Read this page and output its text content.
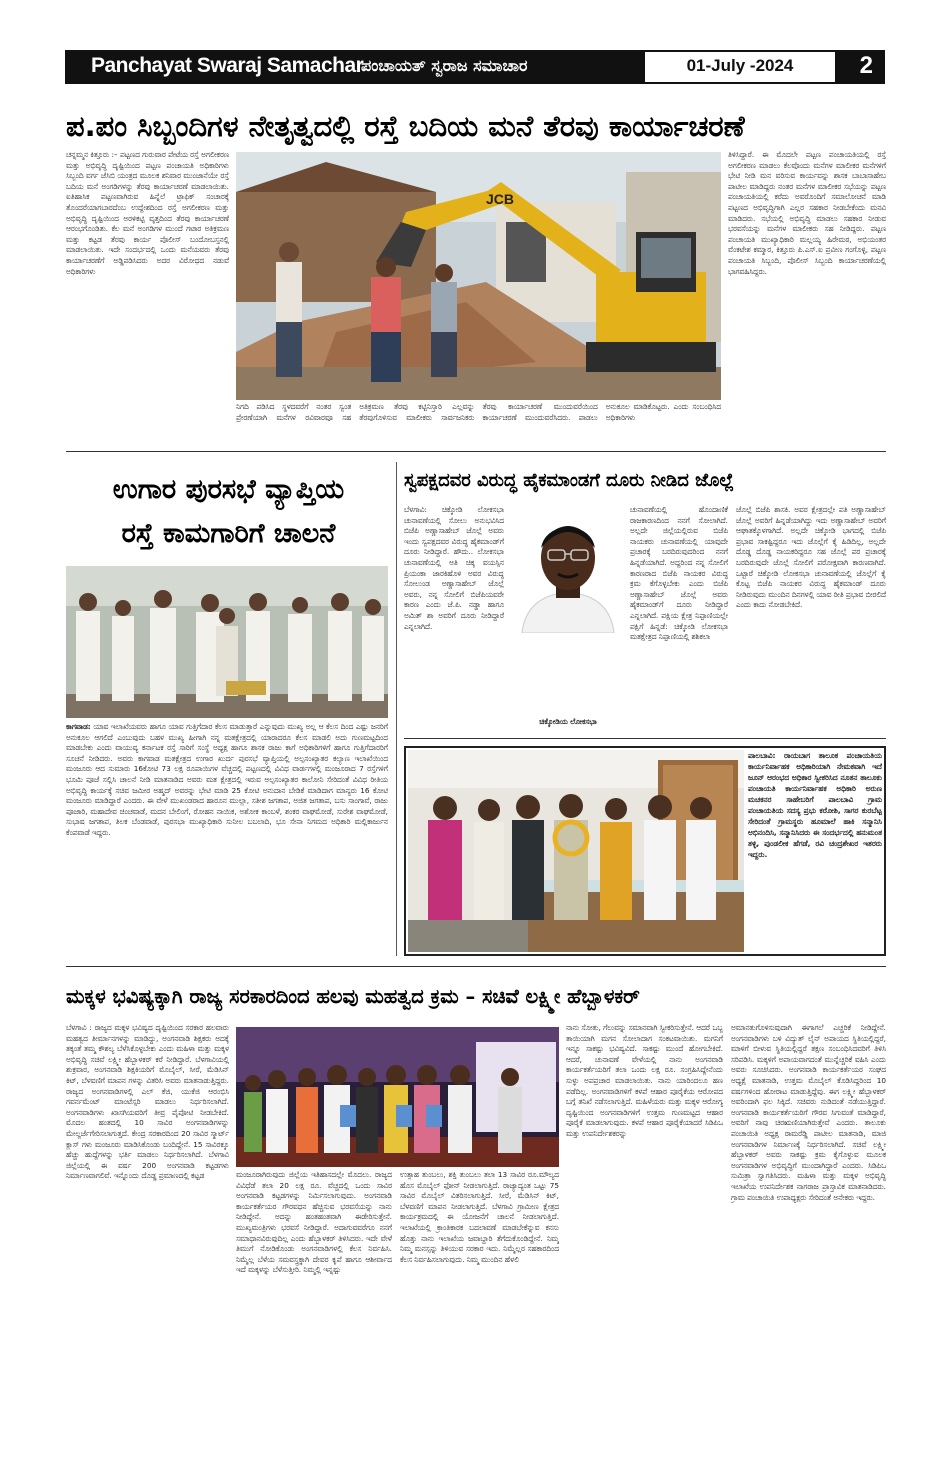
Panchayat Swaraj Samachar
ಪಂಚಾಯತ್ ಸ್ವರಾಜ ಸಮಾಚಾರ	01-July -2024	2
ಪ.ಪಂ ಸಿಬ್ಬಂದಿಗಳ ನೇತೃತ್ವದಲ್ಲಿ ರಸ್ತೆ ಬದಿಯ ಮನೆ ತೆರವು ಕಾರ್ಯಾಚರಣೆ
ಚನ್ನಮ್ಮನ ಕಿತ್ತೂರು :– ಪಟ್ಟಣದ ಗುರುವಾರ ಪೇಟೆಯ ರಸ್ತೆ ಅಗಲೀಕರಣ ಮತ್ತು ಅಭಿವೃದ್ಧಿ ದೃಷ್ಟಿಯಿಂದ ಪಟ್ಟಣ ಪಂಚಾಯತಿ ಅಧಿಕಾರಿಗಳು ಸಿಬ್ಬಂದಿ ವರ್ಗ ಜೆಸಿಬಿ ಯಂತ್ರದ ಮೂಲಕ ಶನಿವಾರ ಮುಂಜಾನೆಯೇ ರಸ್ತೆ ಬದಿಯ ಮನೆ ಅಂಗಡಿಗಳನ್ನು ತೆರವು ಕಾರ್ಯಾಚರಣೆ ಮಾಡಲಾಯಿತು. ಐತಿಹಾಸಿಕ ಪಟ್ಟಣವಾಗಿರುವ ಹಿನ್ನೆಲೆ ಟ್ರಾಫಿಕ್ ಸಂಚಾರಕ್ಕೆ ತೊಂದರೆಯಾಗಬಾರದೆಂಬ ಉದ್ದೇಶದಿಂದ ರಸ್ತೆ ಅಗಲೀಕರಣ ಮತ್ತು ಅಭಿವೃದ್ಧಿ ದೃಷ್ಟಿಯಿಂದ ಅರಳಿಕಟ್ಟಿ ವೃತ್ತದಿಂದ ತೆರವು ಕಾರ್ಯಾಚರಣೆ ಆರಂಭಗೊಂಡಿತು. ಕೆಲ ಮನೆ ಅಂಗಡಿಗಳ ಮುಂದೆ ಗಟಾರ ಅತಿಕ್ರಮಣ ಮತ್ತು ಕಟ್ಟಡ ತೆರವು ಕಾರ್ಯ ಪೊಲೀಸ್ ಬಂದೋಬಸ್ತನಲ್ಲಿ ಮಾಡಲಾಯಿತು. ಇದೇ ಸಂದರ್ಭದಲ್ಲಿ ಒಂದು ಮನೆಯವರು ತೆರವು ಕಾರ್ಯಾಚರಣೆಗೆ ಅಡ್ಡಿಪಡಿಸಿದರು ಅದರ ವಿರೋಧದ ನಡುವೆ ಅಧಿಕಾರಿಗಳು
JCB
ನಿಗದಿ ಪಡಿಸಿದ ಸ್ಥಳದವರೆಗೆ ನಂತರ ಸ್ವಂತ ಪ್ರೇರಣೆಯಾಗಿ ಮನೆಗಳ ರವಿವಾರವೂ ಸಹ ಅತಿಕ್ರಮಣ ತೆರವು ಕಟ್ಟಿನಿಸ್ತಾರಿ ಎಲ್ಲವನ್ನು ತೆರವುಗೊಳಿಸುವ ಮಾಲೀಕರು ಸಾರ್ವಜನಿಕರು ತೆರವು ಕಾರ್ಯಾಚರಣೆ ಮುಂದುವರೆಯಿಂದ ಕಾರ್ಯಾಚರಣೆ ಮುಂದುವರೆಸಿದರು. ಪಾಡಲು ಅನುಕೂಲ ಮಾಡಿಕೊಟ್ಟರು. ಎಂದು ಸಂಬಂಧಿಸಿದ ಅಧಿಕಾರಿಗಳು
ತಿಳಿಸಿದ್ದಾರೆ. ಈ ಮೊದಲೇ ಪಟ್ಟಣ ಪಂಚಾಯತಿಯಲ್ಲಿ ರಸ್ತೆ ಅಗಲೀಕರಣ ಮಾಡಲು ಕೆಲವೊಂದು ಮನೆಗಳ ಮಾಲೀಕರ ಮನೆಗಳಿಗೆ ಭೇಟಿ ನೀಡಿ ಮನ ವರಿಸುವ ಕಾರ್ಯವನ್ನು ಶಾಸಕ ಬಾಬಾಸಾಹೇಬ ಪಾಟೀಲ ಮಾಡಿದ್ದರು ನಂತರ ಮನೆಗಳ ಮಾಲೀಕರ ಸಭೆಯನ್ನು ಪಟ್ಟಣ ಪಂಚಾಯತಿಯಲ್ಲಿ ಕರೆದು ಅವರೊಂದಿಗೆ ಸಮಾಲೋಚನೆ ಮಾಡಿ ಪಟ್ಟಣದ ಅಭಿವೃದ್ಧಿಗಾಗಿ ಎಲ್ಲರ ಸಹಕಾರ ನೀಡಬೇಕೆಂದು ಮನವಿ ಮಾಡಿದರು. ಸಭೆಯಲ್ಲಿ ಅಭಿವೃದ್ಧಿ ಮಾಡಲು ಸಹಕಾರ ನೀಡುವ ಭರವಸೆಯನ್ನು ಮನೆಗಳ ಮಾಲೀಕರು ಸಹ ನೀಡಿದ್ದರು. ಪಟ್ಟಣ ಪಂಚಾಯತಿ ಮುಖ್ಯಾಧಿಕಾರಿ ಮಲ್ಲಯ್ಯ ಹಿರೇಮಠ, ಅಭಿಯಂತರ ವೆಂಕಟೇಶ ಕಮ್ಮಾರ, ಕಿತ್ತೂರು ಪಿ.ಎಸ್.ಐ ಪ್ರವೀಣ ಗಂಗೊಳ್ಳಿ, ಪಟ್ಟಣ ಪಂಚಾಯತಿ ಸಿಬ್ಬಂದಿ, ಪೊಲೀಸ್ ಸಿಬ್ಬಂದಿ ಕಾರ್ಯಾಚರಣೆಯಲ್ಲಿ ಭಾಗವಹಿಸಿದ್ದರು.
ಉಗಾರ ಪುರಸಭೆ ವ್ಯಾಪ್ತಿಯ
ರಸ್ತೆ ಕಾಮಗಾರಿಗೆ ಚಾಲನೆ
ಕಾಗವಾಡ: ಯಾವ ಇಲಾಖೆಯವರು ಹಾಗೂ ಯಾವ ಗುತ್ತಿಗೆದಾರ ಕೆಲಸ ಮಾಡುತ್ತಾರೆ ಎನ್ನುವುದು ಮುಖ್ಯ ಅಲ್ಲ ಆ ಕೆಲಸ ದಿಂದ ಎಷ್ಟು ಜನರಿಗೆ ಅನುಕೂಲ ಆಗಲಿದೆ ಎಂಬುವುದು ಬಹಳ ಮುಖ್ಯ ಹೀಗಾಗಿ ನನ್ನ ಮತಕ್ಷೇತ್ರದಲ್ಲಿ ಯಾರಾದರೂ ಕೆಲಸ ಮಾಡಲಿ ಅದು ಗುಣಮಟ್ಟದಿಂದ ಮಾಡಬೇಕು ಎಂದು ವಾಯುವ್ಯ ಕರ್ನಾಟಕ ರಸ್ತೆ ಸಾರಿಗೆ ಸಂಸ್ಥೆ ಅಧ್ಯಕ್ಷ ಹಾಗೂ ಶಾಸಕ ರಾಜು ಕಾಗೆ ಅಧಿಕಾರಿಗಳಿಗೆ ಹಾಗೂ ಗುತ್ತಿಗೆದಾರರಿಗೆ ಸೂಚನೆ ನೀಡಿದರು. ಅವರು ಕಾಗವಾಡ ಮತಕ್ಷೇತ್ರದ ಉಗಾರ ಖುರ್ದ ಪುರಸಭೆ ವ್ಯಾಪ್ತಿಯಲ್ಲಿ ಅಲ್ಪಸಂಖ್ಯಾತರ ಕಲ್ಯಾಣ ಇಲಾಖೆಯಿಂದ ಮಂಜೂರು ಆದ ಸುಮಾರು 16ಕೋಟಿ 73 ಲಕ್ಷ ರೂಪಾಯಿಗಳ ವೆಚ್ಚದಲ್ಲಿ ಪಟ್ಟಣದಲ್ಲಿ ವಿವಿಧ ವಾರ್ಡಗಳಲ್ಲಿ ಮಂಜೂರಾದ 7 ರಸ್ತೆಗಳಿಗೆ ಭೂಮಿ ಪೂಜೆ ಸಲ್ಲಿಸಿ ಚಾಲನೆ ನೀಡಿ ಮಾತನಾಡಿದ ಅವರು ಮತ ಕ್ಷೇತ್ರದಲ್ಲಿ ಇರುವ ಅಲ್ಪಸಂಖ್ಯಾತರ ಕಾಲೋನಿ ಸೇರಿದಂತೆ ವಿವಿಧ ರೀತಿಯ ಅಭಿವೃದ್ಧಿ ಕಾರ್ಯಕ್ಕೆ ಸಚಿವ ಜಮೀರ ಅಹ್ಮದ್ ಅವರನ್ನು ಭೇಟಿ ಮಾಡಿ 25 ಕೋಟಿ ಅನುದಾನ ಬೇಡಿಕೆ ಮಾಡಿದಾಗ ಮಾನ್ಯರು 16 ಕೋಟಿ ಮಂಜೂರು ಮಾಡಿದ್ದಾರೆ ಎಂದರು. ಈ ವೇಳೆ ಮುಖಂಡರಾದ ಹಾರೂನ ಮುಲ್ಲಾ, ಸತೀಶ ಜಗತಾಪ, ಅಜಿತ ಜಗತಾಪ, ಬಸು ಸಾಂಗಾವೆ, ರಾಜು ಪೂಜಾರಿ, ಮಹಾದೇವ ಚಿಂಚವಾಡೆ, ಮದನ ಬೇಲಿಂಗೆ, ರೋಹನ ನಾಯಿಕ, ಅಶೋಕ ಕಾಂಬಳೆ, ಶಂಕರ ವಾಘಮೋಡೆ, ಸುರೇಶ ವಾಘಮೋಡೆ, ಸುಭಾಷ ಜಗತಾಪ, ತಿಲಕ ಬೆಂಡವಾಡೆ, ಪುರಸಭಾ ಮುಖ್ಯಾಧಿಕಾರಿ ಸುನೀಲ ಬಬಲಾದಿ, ಭೂ ಸೇನಾ ನಿಗಮದ ಅಧಿಕಾರಿ ಮಲ್ಲಿಕಾರ್ಜುನ ಕೆಂಪವಾಡೆ ಇದ್ದರು.
ಸ್ವಪಕ್ಷದವರ ವಿರುದ್ಧ ಹೈಕಮಾಂಡಗೆ ದೂರು ನೀಡಿದ ಜೊಲ್ಲೆ
ಬೆಳಗಾವಿ: ಚಿಕ್ಕೋಡಿ ಲೋಕಸಭಾ ಚುನಾವಣೆಯಲ್ಲಿ ಸೋಲು ಅನುಭವಿಸಿದ ಬಿಜೆಪಿ ಅಣ್ಣಾಸಾಹೇಬ್ ಜೊಲ್ಲೆ ಅವರು ಇಂದು ಸ್ವಪಕ್ಷದವರ ವಿರುದ್ಧ ಹೈಕಮಾಂಡ್‌ಗೆ ದೂರು ನೀಡಿದ್ದಾರೆ. ಹೌದು.. ಲೋಕಸಭಾ ಚುನಾವಣೆಯಲ್ಲಿ ಅತಿ ಚಿಕ್ಕ ವಯಸ್ಸಿನ ಪ್ರಿಯಂಕಾ ಜಾರಕಿಹೊಳಿ ಅವರ ವಿರುದ್ಧ ಸೋಲುಂಡ ಅಣ್ಣಾಸಾಹೇಬ್ ಜೊಲ್ಲೆ ಅವರು, ನನ್ನ ಸೋಲಿಗೆ ಬಿಜೆಪಿಯವರೇ ಕಾರಣ ಎಂದು ಜೆ.ಪಿ. ನಡ್ಡಾ ಹಾಗೂ ಅಮಿತ್ ಶಾ ಅವರಿಗೆ ದೂರು ನೀಡಿದ್ದಾರೆ ಎನ್ನಲಾಗಿದೆ.
ಚಿಕ್ಕೋಡಿಯ ಲೋಕಸಭಾ
ಚುನಾವಣೆಯಲ್ಲಿ ಹೊಂದಾಣಿಕೆ ರಾಜಕಾರಣದಿಂದ ನನಗೆ ಸೋಲಾಗಿದೆ. ಅಲ್ಲದೇ ಜಿಲ್ಲೆಯಲ್ಲಿರುವ ಬಿಜೆಪಿ ನಾಯಕರು ಚುನಾವಣೆಯಲ್ಲಿ ಯಾವುದೇ ಪ್ರಚಾರಕ್ಕೆ ಬರದಿರುವುದರಿಂದ ನನಗೆ ಹಿನ್ನಡೆಯಾಗಿದೆ. ಅದ್ದರಿಂದ ನನ್ನ ಸೋಲಿಗೆ ಕಾರಣರಾದ ಬಿಜೆಪಿ ನಾಯಕರ ವಿರುದ್ಧ ಕ್ರಮ ಕೆಗೊಳ್ಳಬೇಕು ಎಂದು ಬಿಜೆಪಿ ಅಣ್ಣಾಸಾಹೇಬ್ ಜೊಲ್ಲೆ ಅವರು ಹೈಕಮಾಂಡ್‌ಗೆ ದೂರು ನೀಡಿದ್ದಾರೆ ಎನ್ನಲಾಗಿದೆ. ಪಕ್ಷಿಯ ಕ್ಷೇತ್ರ ನಿಪ್ಪಾಣಿಯಲ್ಲೇ ಪಕ್ಷಿಗೆ ಹಿನ್ನಡೆ: ಚಿಕ್ಕೋಡಿ ಲೋಕಸಭಾ ಮತಕ್ಷೇತ್ರದ ನಿಪ್ಪಾಣಿಯಲ್ಲಿ ಶಶಿಕಲಾ
ಜೊಲ್ಲೆ ಬಿಜೆಪಿ ಶಾಸಕಿ. ಅವರ ಕ್ಷೇತ್ರದಲ್ಲೇ ಪತಿ ಅಣ್ಣಾಸಾಹೇಬ್ ಜೊಲ್ಲೆ ಅವರಿಗೆ ಹಿನ್ನಡೆಯಾಗಿದ್ದು ಇದು ಅಣ್ಣಾಸಾಹೇಬ್ ಅವರಿಗೆ ಆಘಾತಕ್ಕೊಳಗಾಗಿದೆ. ಅಲ್ಲದೇ ಚಿಕ್ಕೋಡಿ ಭಾಗದಲ್ಲಿ ಬಿಜೆಪಿ ಪ್ರಭಾವ ಸಾಕಷ್ಟಿದ್ದರೂ ಇದು ಜೊಲ್ಲೆಗೆ ಕೈ ಹಿಡಿದಿಲ್ಲ, ಅಲ್ಲದೇ ದೊಡ್ಡ ದೊಡ್ಡ ನಾಯಕರಿದ್ದರೂ ಸಹ ಜೊಲ್ಲೆ ಪರ ಪ್ರಚಾರಕ್ಕೆ ಬರದಿರುವುದೇ ಜೊಲ್ಲೆ ಸೋಲಿಗೆ ಪರೋಕ್ಷವಾಗಿ ಕಾರಣವಾಗಿದೆ. ಒಟ್ಟಾರೆ ಚಿಕ್ಕೋಡಿ ಲೋಕಸಭಾ ಚುನಾವಣೆಯಲ್ಲಿ ಜೊಲ್ಲೆಗೆ ಕೈ ಕೊಟ್ಟ ಬಿಜೆಪಿ ನಾಯಕರ ವಿರುದ್ಧ ಹೈಕಮಾಂಡ್ ದೂರು ನೀಡಿರುವುದು ಮುಂದಿನ ದಿನಗಳಲ್ಲಿ ಯಾವ ರೀತಿ ಪ್ರಭಾವ ಬೀರಲಿದೆ ಎಂದು ಕಾದು ನೋಡಬೇಕಿದೆ.
ಪಾಲಬಾವಿ: ರಾಯಬಾಗ ತಾಲೂಕ ಪಂಚಾಯತಿಯ ಕಾರ್ಯನಿರ್ವಾಹಕ ಅಧಿಕಾರಿಯಾಗಿ ನೇಮಕವಾಗಿ ಇದೆ ಜೂನ್ ಆರಂಭದ ಅಧಿಕಾರ ಸ್ವೀಕರಿಸಿದ ನೂತನ ತಾಲೂಕು ಪಂಚಾಯತಿ ಕಾರ್ಯನಿರ್ವಾಹಕ ಅಧಿಕಾರಿ ಅರುಣ ಮಚಕನರ ಸಾಹೇಬರಿಗೆ ಪಾಲಬಾವಿ ಗ್ರಾಮ ಪಂಚಾಯತಿಯ ಸದಸ್ಯ ಪ್ರಭು ಕರೋಶಿ, ಸಾಗರ ಕುರಬೆಟ್ಟ ಸೇರಿದಂತೆ ಗ್ರಾಮಸ್ಥರು ಹೂಮಾಲೆ ಹಾಕಿ ಸನ್ಮಾನಿಸಿ ಅಭಿನಂದಿಸಿ, ಸನ್ಮಾನಿಸಿದರು ಈ ಸಂದರ್ಭದಲ್ಲಿ ಹನುಮಂತ ತಳ್ಳಿ, ಪುಂಡಲೀಕ ಹೆಗಡೆ, ರವಿ ಚಂದ್ರಶೇಖರ ಇತರರು ಇದ್ದರು.
ಮಕ್ಕಳ ಭವಿಷ್ಯಕ್ಕಾಗಿ ರಾಜ್ಯ ಸರಕಾರದಿಂದ ಹಲವು ಮಹತ್ವದ ಕ್ರಮ – ಸಚಿವೆ ಲಕ್ಷ್ಮೀ ಹೆಬ್ಬಾಳಕರ್
ಬೆಳಗಾವಿ : ರಾಜ್ಯದ ಮಕ್ಕಳ ಭವಿಷ್ಯದ ದೃಷ್ಟಿಯಿಂದ ಸರಕಾರ ಹಲವಾರು ಮಹತ್ವದ ತೀರ್ಮಾನಗಳನ್ನು ಮಾಡಿದ್ದು, ಅಂಗನವಾಡಿ ಶಿಕ್ಷಕರು ಅದಕ್ಕೆ ತಕ್ಕಂತೆ ತಮ್ಮ ಕೌಶಲ್ಯ ಬೆಳೆಸಿಕೊಳ್ಳಬೇಕು ಎಂದು ಮಹಿಳಾ ಮತ್ತು ಮಕ್ಕಳ ಅಭಿವೃದ್ಧಿ ಸಚಿವೆ ಲಕ್ಷ್ಮೀ ಹೆಬ್ಬಾಳಕರ್ ಕರೆ ನೀಡಿದ್ದಾರೆ. ಬೆಳಗಾವಿಯಲ್ಲಿ ಶುಕ್ರವಾರ, ಅಂಗನವಾಡಿ ಶಿಕ್ಷಕಿಯರಿಗೆ ಮೊಬೈಲ್, ಸೀರೆ, ಮೆಡಿಸಿನ್ ಕಿಟ್, ಬೆಳವಣಿಗೆ ಮಾಪನ ಗಳನ್ನು ವಿತರಿಸಿ ಅವರು ಮಾತನಾಡುತ್ತಿದ್ದರು. ರಾಜ್ಯದ ಅಂಗನವಾಡಿಗಳಲ್ಲಿ ಎಲ್ ಕೆಜಿ, ಯುಕೆಜಿ ಆರಂಭಿಸಿ ಗವರ್ನಮೆಂಟ್ ಮಾಂಟೆಸ್ಸರಿ ಮಾಡಲು ನಿರ್ಧರಿಸಲಾಗಿದೆ. ಅಂಗನವಾಡಿಗಳು ಖಾಸಗಿಯವರಿಗೆ ತೀವ್ರ ಪೈಪೋಟಿ ನೀಡಬೇಕಿದೆ. ಮೊದಲ ಹಂತದಲ್ಲಿ 10 ಸಾವಿರ ಅಂಗನವಾಡಿಗಳನ್ನು ಮೇಲ್ದರ್ಜೆಗೇರಿಸಲಾಗುತ್ತದೆ. ಕೇಂದ್ರ ಸರಕಾರದಿಂದ 20 ಸಾವಿರ ಸ್ಮಾರ್ಟ್ ಕ್ಲಾಸ್ ಗಳು ಮಂಜೂರು ಮಾಡಿಸಿಕೊಂಡು ಬಂದಿದ್ದೇನೆ. 15 ಸಾವಿರಕ್ಕೂ ಹೆಚ್ಚು ಹುದ್ದೆಗಳನ್ನು ಭರ್ತಿ ಮಾಡಲು ನಿರ್ಧರಿಸಲಾಗಿದೆ. ಬೆಳಗಾವಿ ಜಿಲ್ಲೆಯಲ್ಲಿ ಈ ವರ್ಷ 200 ಅಂಗನವಾಡಿ ಕಟ್ಟಡಗಳು ನಿರ್ಮಾಣವಾಗಲಿವೆ. ಇನ್ನೊಂದು ದೊಡ್ಡ ಪ್ರಮಾಣದಲ್ಲಿ ಕಟ್ಟಡ	ಮಂಜೂರಾಗಿರುವುದು ಜಿಲ್ಲೆಯ ಇತಿಹಾಸದಲ್ಲೇ ಮೊದಲು. ರಾಜ್ಯದ ವಿವಿಧೆಡೆ ತಲಾ 20 ಲಕ್ಷ ರೂ. ವೆಚ್ಚದಲ್ಲಿ ಒಂದು ಸಾವಿರ ಅಂಗನವಾಡಿ ಕಟ್ಟಡಗಳನ್ನು ನಿರ್ಮಿಸಲಾಗುವುದು. ಅಂಗನವಾಡಿ ಕಾರ್ಯಕರ್ತೆಯರ ಗೌರವಧನ ಹೆಚ್ಚಿಸುವ ಭರವಸೆಯನ್ನು ನಾನು ನೀಡಿದ್ದೇನೆ. ಅದನ್ನು ಹಂತಹಂತವಾಗಿ ಈಡೇರಿಸುತ್ತೇನೆ. ಮುಖ್ಯಮಂತ್ರಿಗಳು ಭರವಸೆ ನೀಡಿದ್ದಾರೆ. ಅದಾಗುವವರೆಗೂ ನನಗೆ ಸಮಾಧಾನವಿರುವುದಿಲ್ಲ ಎಂದು ಹೆಬ್ಬಾಳಕರ್ ತಿಳಿಸಿದರು. ಇದೇ ವೇಳೆ ತಿಮುಗೆ ನೋಡಿಕೊಂಡು ಅಂಗನವಾಡಿಗಳಲ್ಲಿ ಕೆಲಸ ನಿರ್ವಹಿಸಿ. ನಿಮ್ಮೆಲ್ಲ ಬೆಳೆಯ ಸಮವಸ್ತ್ರಕ್ಕಾಗಿ ದೇವರ ಕೃಪೆ ಹಾಗೂ ಆಶೀರ್ವಾದ ಇದೆ ಮಕ್ಕಳನ್ನು ಬೆಳೆಸುತ್ತೀರಿ. ನಿಮ್ಮಲ್ಲಿ ಇನ್ನಷ್ಟು
ಉತ್ಸಾಹ ತುಂಬಲು, ಶಕ್ತಿ ತುಂಬಲು ತಲಾ 13 ಸಾವಿರ ರೂ.ಮೌಲ್ಯದ ಹೊಸ ಮೊಬೈಲ್ ಫೋನ್ ನೀಡಲಾಗುತ್ತಿದೆ. ರಾಜ್ಯಾದ್ಯಂತ ಒಟ್ಟು 75 ಸಾವಿರ ಮೊಬೈಲ್ ವಿತರಿಸಲಾಗುತ್ತಿದೆ. ಸೀರೆ, ಮೆಡಿಸಿನ್ ಕಿಟ್, ಬೆಳವಣಿಗೆ ಮಾಪನ ನೀಡಲಾಗುತ್ತಿದೆ. ಬೆಳಗಾವಿ ಗ್ರಾಮೀಣ ಕ್ಷೇತ್ರದ ಕಾರ್ಯಕ್ರಮದಲ್ಲಿ ಈ ಯೋಜನೆಗೆ ಚಾಲನೆ ನೀಡಲಾಗುತ್ತಿದೆ. ಇಲಾಖೆಯಲ್ಲಿ ಕ್ರಾಂತಿಕಾರಕ ಬದಲಾವಣೆ ಮಾಡಬೇಕೆನ್ನುವ ಕನಸು ಹೊತ್ತು ನಾನು ಇಲಾಖೆಯ ಜವಾಬ್ದಾರಿ ತೆಗೆದುಕೊಂಡಿದ್ದೇನೆ. ನಿಮ್ಮ ನಿಮ್ಮ ಮನಸ್ಸನ್ನು ತಿಳಿಯುವ ಸರಕಾರ ಇದು. ನಿಮ್ಮೆಲ್ಲರ ಸಹಕಾರದಿಂದ ಕೆಲಸ ನಿರ್ವಹಿಸಲಾಗುವುದು. ನಿಮ್ಮ ಮುಂದಿನ ಹೆಳಲಿ
ನಾನು ಸೋತು, ಗೆಲುವನ್ನು ಸಮಾನವಾಗಿ ಸ್ವೀಕರಿಸುತ್ತೇನೆ. ಆದರೆ ಒಬ್ಬ ತಾಯಿಯಾಗಿ ಮಗನ ಸೋಲಾದಾಗ ಸಂಕಟವಾಯಿತು. ಮಗನಿಗೆ ಇನ್ನೂ ಸಾಕಷ್ಟು ಭವಿಷ್ಯವಿದೆ. ಸಾಕಷ್ಟು ಮುಂದೆ ಹೋಗಬೇಕಿದೆ. ಆದರೆ, ಚುನಾವಣೆ ವೇಳೆಯಲ್ಲಿ ನಾನು ಅಂಗನವಾಡಿ ಕಾರ್ಯಕರ್ತೆಯರಿಗೆ ತಲಾ ಒಂದು ಲಕ್ಷ ರೂ. ಸಂಗ್ರಹಿಸಿದ್ದೇನೆಂದು ಸುಳ್ಳು ಅಪಪ್ರಚಾರ ಮಾಡಲಾಯಿತು. ನಾನು ಯಾರಿಂದಲೂ ಹಣ ಪಡೆದಿಲ್ಲ. ಅಂಗನವಾಡಿಗಳಿಗೆ ಕಳಪೆ ಆಹಾರ ಪೂರೈಕೆಯ ಆರೋಪದ ಬಗ್ಗೆ ತನಿಖೆ ನಡೆಸಲಾಗುತ್ತಿದೆ. ಮಹಿಳೆಯರು ಮತ್ತು ಮಕ್ಕಳ ಆರೋಗ್ಯ ದೃಷ್ಟಿಯಿಂದ ಅಂಗನವಾಡಿಗಳಿಗೆ ಉತ್ತಮ ಗುಣಮಟ್ಟದ ಆಹಾರ ಪೂರೈಕೆ ಮಾಡಲಾಗುವುದು. ಕಳಪೆ ಆಹಾರ ಪೂರೈಕೆಯಾದರೆ ಸಿಡಿಪಿಒ ಮತ್ತು ಉಪನಿರ್ದೇಶಕರನ್ನು
ಅಮಾನತುಗೊಳಿಸುವುದಾಗಿ ಈಗಾಗಲೆ ಎಚ್ಚರಿಕೆ ನೀಡಿದ್ದೇನೆ. ಅಂಗನವಾಡಿಗಳು ಬಳಿ ವಿದ್ಯುತ್ ಲೈನ್ ಅಪಾಯದ ಸ್ಥಿತಿಯಲ್ಲಿದ್ದರೆ, ಮಾಳಿಗೆ ಬೀಳುವ ಸ್ಥಿತಿಯಲ್ಲಿದ್ದರೆ ತಕ್ಷಣ ಸಂಬಂಧಿಸಿದವರಿಗೆ ತಿಳಿಸಿ ಸರಿಪಡಿಸಿ. ಮಕ್ಕಳಿಗೆ ಅಪಾಯವಾಗದಂತೆ ಮುನ್ನೆಚ್ಚರಿಕೆ ವಹಿಸಿ ಎಂದು ಅವರು ಸೂಚಿಸಿದರು. ಅಂಗನವಾಡಿ ಕಾರ್ಯಕರ್ತೆಯರ ಸಂಘದ ಅಧ್ಯಕ್ಷೆ ಮಾತನಾಡಿ, ಉತ್ತಮ ಮೊಬೈಲ್ ಕೊಡಿಸಿದ್ದರಿಂದ 10 ವರ್ಷಗಳಿಂದ ಹೋರಾಟ ಮಾಡುತ್ತಿದ್ದೆವು. ಈಗ ಲಕ್ಷ್ಮೀ ಹೆಬ್ಬಾಳಕರ್ ಅವರಿಂದಾಗಿ ಫಲ ಸಿಕ್ಕಿದೆ. ಸಚಿವರು ನುಡಿದಂತೆ ನಡೆಯುತ್ತಿದ್ದಾರೆ. ಅಂಗನವಾಡಿ ಕಾರ್ಯಕರ್ತೆಯರಿಗೆ ಗೌರವ ಸಿಗುವಂತೆ ಮಾಡಿದ್ದಾರೆ, ಅವರಿಗೆ ನಾವು ಚಿರಋಣಿಯಾಗಿರುತ್ತೇವೆ ಎಂದರು. ತಾಲೂಕು ಪಂಚಾಯಿತಿ ಅಧ್ಯಕ್ಷ ರಾಮರೆಡ್ಡಿ ಪಾಟೀಲ ಮಾತನಾಡಿ, ಮಾಜಿ ಅಂಗನವಾಡಿಗಳ ನಿರ್ಮಾಣಕ್ಕೆ ನಿರ್ಧರಿಸಲಾಗಿದೆ. ಸಚಿವೆ ಲಕ್ಷ್ಮೀ ಹೆಬ್ಬಾಳಕರ್ ಅವರು ಸಾಕಷ್ಟು ಕ್ರಮ ಕೈಗೊಳ್ಳುವ ಮೂಲಕ ಅಂಗನವಾಡಿಗಳ ಅಭಿವೃದ್ಧಿಗೆ ಮುಂದಾಗಿದ್ದಾರೆ ಎಂದರು. ಸಿಡಿಪಿಒ ಸುಮಿತ್ರಾ ಸ್ವಾಗತಿಸಿದರು. ಮಹಿಳಾ ಮತ್ತು ಮಕ್ಕಳ ಅಭಿವೃದ್ಧಿ ಇಲಾಖೆಯ ಉಪನಿರ್ದೇಶಕ ನಾಗರಾಜ ಪ್ರಾಸ್ತಾವಿಕ ಮಾತನಾಡಿದರು. ಗ್ರಾಮ ಪಂಚಾಯಿತಿ ಉಪಾಧ್ಯಕ್ಷರು ಸೇರಿದಂತೆ ಅನೇಕರು ಇದ್ದರು.
